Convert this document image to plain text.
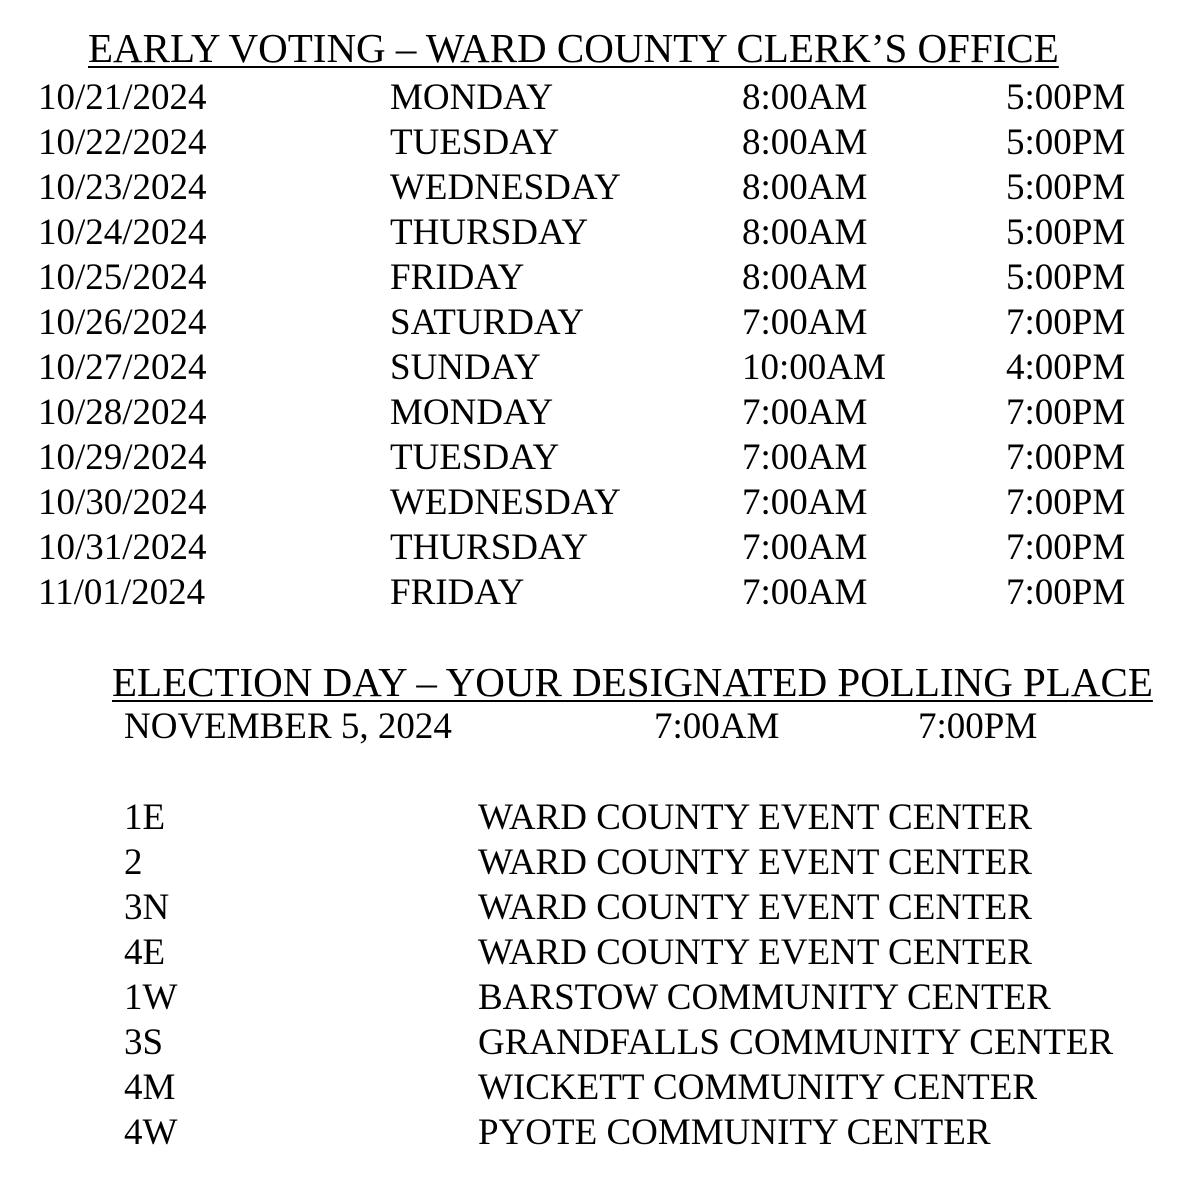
EARLY VOTING – WARD COUNTY CLERK’S OFFICE
10/21/2024	MONDAY	8:00AM	5:00PM
10/22/2024	TUESDAY	8:00AM	5:00PM
10/23/2024	WEDNESDAY	8:00AM	5:00PM
10/24/2024	THURSDAY	8:00AM	5:00PM
10/25/2024	FRIDAY	8:00AM	5:00PM
10/26/2024	SATURDAY	7:00AM	7:00PM
10/27/2024	SUNDAY	10:00AM	4:00PM
10/28/2024	MONDAY	7:00AM	7:00PM
10/29/2024	TUESDAY	7:00AM	7:00PM
10/30/2024	WEDNESDAY	7:00AM	7:00PM
10/31/2024	THURSDAY	7:00AM	7:00PM
11/01/2024	FRIDAY	7:00AM	7:00PM
ELECTION DAY – YOUR DESIGNATED POLLING PLACE
NOVEMBER 5, 2024	7:00AM	7:00PM
1E	WARD COUNTY EVENT CENTER
2	WARD COUNTY EVENT CENTER
3N	WARD COUNTY EVENT CENTER
4E	WARD COUNTY EVENT CENTER
1W	BARSTOW COMMUNITY CENTER
3S	GRANDFALLS COMMUNITY CENTER
4M	WICKETT COMMUNITY CENTER
4W	PYOTE COMMUNITY CENTER
